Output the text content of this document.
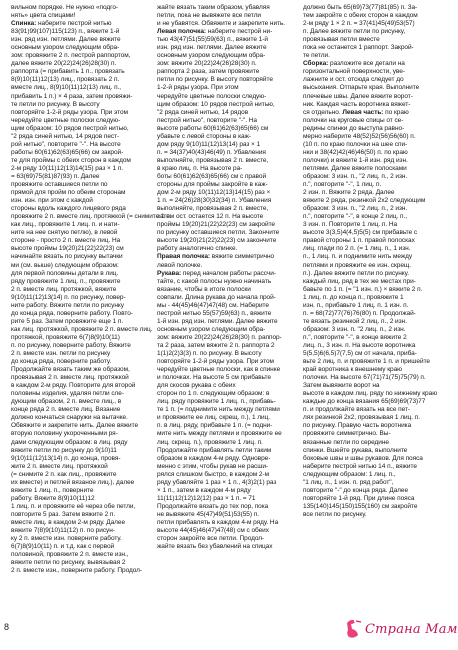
вильном порядке. Не нужно «подго-
нять» цвета спицами!
Спинка: наберите пестрой нитью
83(91)99(107)115(123) п., вяжите 1-й
изн. ряд изн. петлями. Далее вяжите
основным узором следующим обра-
зом: провяжите 2 п. пестрой раппортом,
далее вяжите 20(22)24(26)28(30) п.
раппорта (= прибавить 1 п., провязать
8(9)10(11)12(13) лиц., провязать 2 п.
вместе лиц., 8(9)10(11)12(13) лиц. п.,
прибавить 1 п.) × 4 раза, затем провяжи-
те петли по рисунку. В высоту
повторяйте 1-2-й ряды узора. При этом
чередуйте цветные полоски следую-
щим образом: 10 рядов пестрой нитью,
"2 ряда синей нитью, 14 рядов пест-
рой нитью", повторите "-". На высоте
работы 60(61)62(63)65(66) см закрой-
те для проймы с обеих сторон в каждом
2-м ряду 10(11)12(13)14(15) раз × 1 п.
= 63(69)75(81)87(93) п. Далее
провяжите оставшиеся петли по
прямой для пройм по обеим сторонам
изн. изн. при этом с каждой
стороны вдоль каждого лицевого ряда
провяжите 2 п. вместе лиц. протяжкой (= снимите 1 п.
как лиц., провяжите 1 лиц. п. и нати-
ните на нее снятую петлю), в левой
стороне - просто 2 п. вместе лиц. На
высоте проймы 19(20)21(22)22(23) см
начинайте вязать по рисунку вытачки
ми (см. выше) следующим образом:
для первой половины детали в лиц.
ряду провяжите 1 лиц. п., провяжите
2 п. вместе лиц. протяжкой, вяжите
9(10)11(12)13(14) п. по рисунку, повер-
ните работу. Вяжите петли по рисунку
до конца ряда, поверните работу. Повто-
рите 5 раз. Затем провяжите еще 1 п.
как лиц. протяжкой, провяжите 2 п. вместе лиц.
протяжкой, провяжите 6(7)8(9)10(11)
п. по рисунку, поверните работу. Вяжите
2 п. вместе изн. петли по рисунку
до конца ряда, поверните работу.
Продолжайте вязать таким же образом,
провязывая 2 п. вместе лиц. протяжкой
в каждом 2-м ряду. Повторите для второй
половины изделия, удаляя петли сле-
дующим образом, 2 п. вместе лиц., в
конце ряда 2 п. вместе лиц. Вязание
должно кончаться снаружи на вытачке.
Обвяжите и закрепите нить. Далее вяжите
вторую половину укороченными ря-
дами следующим образом: в лиц. ряду
вяжите петли по рисунку до 9(10)11
9(10)11(12)13(14) п. до конца, провя-
жите 2 п. вместе лиц. протяжкой
(= снимите 2 п. как лиц., провяжите
их вместе) и петлей вязаное лиц.), далее
вяжите 1 лиц. п., поверните
работу. Вяжите 8(9)10(11)12
1 лиц. п. и провяжите её через обе петли,
повторите 5 раз. Затем вяжите 2 п.
вместе лиц. в каждом 2-м ряду. Далее
вяжите 7(8)9(10)11(12) п. по рисун-
ку 2 п. вместе изн. поверните работу.
6(7)8(9)10(11) п. и т.д. как с первой
половиной, провяжите 2 п. вместе изн.,
вяжите петли по рисунку, вывязывая 2
2 п. вместе изн., поверните работу. Продол-
жайте вязать таким образом, убавляя
петли, пока не вывяжете все петли
и не убавятся. Обвяжите и закрепите нить.
Левая полочка: наберите пестрой ни-
тью 43(47)51(55)59(63) п., вяжите 1-й
изн. ряд изн. петлями. Далее вяжите
основным узором следующим обра-
зом: вяжите 20(22)24(26)28(30) п.
раппорта 2 раза, затем провяжите
петли по рисунку. В высоту повторяйте
1-2-й ряды узора. При этом
чередуйте цветные полоски следую-
щим образом: 10 рядов пестрой нитью,
"2 ряда синей нитью, 14 рядов
пестрой нитью", повторите "-". На
высоте работы 60(61)62(63)65(66) см
убавьте с левой стороны в каж-
дом ряду 9(10)11(12)13(14) раз × 1
п. = 34(37)40(43)46(49) п. Убавления
выполняйте, провязывая 2 п. вместе,
в краю лиц. п. На высоте ра-
боты 60(61)62(63)65(66) см с правой
стороны для проймы закройте в каж-
дом 2-м ряду 10(11)12(13)14(15) раз ×
1 п. = 24(26)28(30)32(34) п. Убавления
выполняйте, провязывая 2 п. вместе,
затем ост. остается 12 п. На высоте
проймы 19(20)21(22)22(23) см закройте
по рисунку оставшиеся петли. Закончите
высоте 19(20)21(22)22(23) см закончите
работу аналогично спинке.
Правая полочка: вяжите симметрично
левой полочке.
Рукава: перед началом работы рассчи-
тайте, с какой полосы нужно начинать
вязание, чтобы в итоге полоски
совпали. Длина рукава до начала прой-
мы - 44(45)46(47)47(48) см. Наберите
пестрой нитью 55(57)59(63) п., вяжите
1-й изн. ряд изн. петлями. Далее вяжите
основным узором следующим обра-
зом: вяжите 20(22)24(26)28(30) п. раппор-
та 2 раза, затем вяжите 2 п. раппорта 2
1(1)2(2)3(3) п. по рисунку. В высоту
повторяйте 1-2-й ряды узора. При этом
чередуйте цветные полоски, как в спинке
и полочках. На высоте 5 см прибавьте
для скосов рукава с обеих
сторон по 1 п. следующим образом: в
лиц. ряду провяжите 1 лиц. п., прибавь-
те 1 п. (= поднимите нить между петлями
и провяжите ее лиц. скрещ. п.), 1 лиц.
п. в лиц. ряду, прибавьте 1 п. (= подни-
мите нить между петлями и провяжите ее
лиц. скрещ. п.), провяжите 1 лиц. п.
Продолжайте прибавлять петли таким
образом в каждом 4-м ряду. Одновре-
менно с этим, чтобы рукав не расши-
рялся слишком быстро, в каждом 2-м
ряду убавляйте 1 раз × 1 п., 4(3)2(1) раз
× 1 п., затем в каждом 4-м ряду
11(11)12(12)12(12) раз × 1 п. = 71
Продолжайте вязать до тех пор, пока
не вывяжете 45(47)49(51)53(55) п.
петли прибавлять в каждом 4-м ряду. На
высоте 44(45)46(47)47(48) см с обеих
сторон закройте все петли. Продол-
жайте вязать без убавлений на спицах
должно быть 65(69)73(77)81(85) п. За-
тем закройте с обеих сторон в каждом
2-м ряду 1 × 2 п. = 37(41)45(49)53(57)
п. Далее вяжите петли по рисунку,
провязывая петли вместе
пока не останется 1 раппорт. Закрой-
те петли.
Сборка: разложите все детали на
горизонтальной поверхности, уве-
лажните и ост. отсюда следует до
высыхания. Отпарьте края. Выполните
плечевые швы. Далее вяжите ворот-
ник. Каждая часть воротника вяжет-
ся отдельно. Левая часть: по краю
полочки на круговые спицы от се-
редины спинки до выступа равно-
мерно наберите 48(52)52(56)56(60) п.
(10 п. по краю полочки на шее спи-
нки и 38(42)42(46)46(50) п. по краю
полочки) и вяжите 1-й изн. ряд изн.
петлями. Далее вяжите полосками
образом: 3 изн. п., "2 лиц. п., 2 изн.
п.", повторите "-", 1 лиц. п.
2 изн. п. Вяжите 2 ряда. Далее
вяжите 2 ряда, резинкой 2х2 следующим
образом: 3 изн. п., "2 лиц. п., 2 изн.
п.", повторите "-", в конце 2 лиц. п.,
3 изн. п. Повторите 1 лиц. п. На
высоте 3(3,5)4(4,5)5(5) см прибавьте с
правой стороны 1 п. правой полосках
лиц. глади по 2 п. (= 1 лиц. п., 1 изн.
п., 1 лиц. п. и поднимите нить между
петлями и провяжите ее изн. скрещ.
п.). Далее вяжите петли по рисунку.
каждый лиц. ряд в тех же местах при-
бавьте по 1 п. (= "1 изн. п.) × вяжите 2 п.
1 лиц. п. до конца п., провяжите 1
изн. п., прибавьте 1 лиц. п. 1 изн. п.
п. = 68(72)77(76)76(80) п. Продолжай-
те вязать резинкой 2 лиц. п., 2 изн.
образом: 3 изн. п. "2 лиц. п., 2 изн.
п.", повторите "-", в конце вяжите 2
лиц. п., 3 изн. п. На высоте воротника
5(5,5)6(6,5)7(7,5) см от начала, приба-
вьте 2 лиц. п. и провяжите 1 п. и пришейте
край воротника к внешнему краю
полочки. На высоте 67(71)71(75)75(79) п.
Затем вывяжите ворот на
высоте в каждом лиц. ряду по нижнему краю
каждые до конца вязания 65(69)69(73)77
п. и продолжайте вязать на все пет-
лях резинкой 2х2, провязывая 1 лиц. п.
по рисунку. Правую часть воротника
провяжите симметрично. Вы-
вязанные петли по середине
спинки. Вшейте рукава, выполните
боковые швы и швы рукавов. Для пояса
наберите пестрой нитью 14 п., вяжите
следующим образом: 1 лиц. п.,
"1 лиц. п., 1 изн. п. ряд работ",
повторите "-" до конца ряда. Далее
повторяйте 1-й ряд. При длине пояса
135(140)145(150)155(160) см закройте
все петли по рисунку.
8	Страна Мам
